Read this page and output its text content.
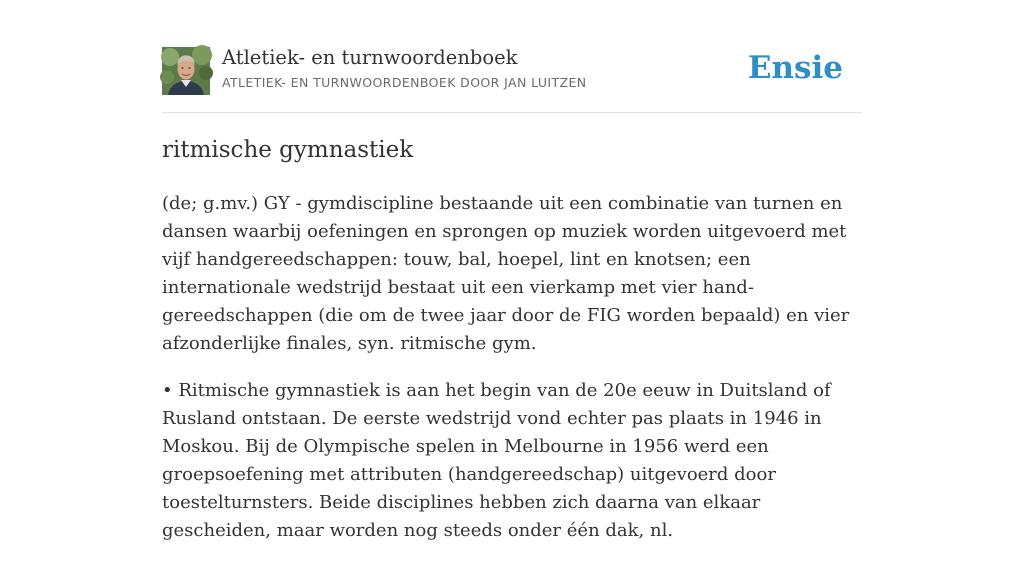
Atletiek- en turnwoordenboek
ATLETIEK- EN TURNWOORDENBOEK DOOR JAN LUITZEN	Ensie
ritmische gymnastiek

(de; g.mv.) GY - gymdiscipline bestaande uit een combinatie van turnen en dansen waarbij oefeningen en sprongen op muziek worden uitgevoerd met vijf handgereedschappen: touw, bal, hoepel, lint en knotsen; een internationale wedstrijd bestaat uit een vierkamp met vier hand- gereedschappen (die om de twee jaar door de FIG worden bepaald) en vier afzonderlijke finales, syn. ritmische gym.

• Ritmische gymnastiek is aan het begin van de 20e eeuw in Duitsland of Rusland ontstaan. De eerste wedstrijd vond echter pas plaats in 1946 in Moskou. Bij de Olympische spelen in Melbourne in 1956 werd een groepsoefening met attributen (handgereedschap) uitgevoerd door toestelturnsters. Beide disciplines hebben zich daarna van elkaar gescheiden, maar worden nog steeds onder één dak, nl.
